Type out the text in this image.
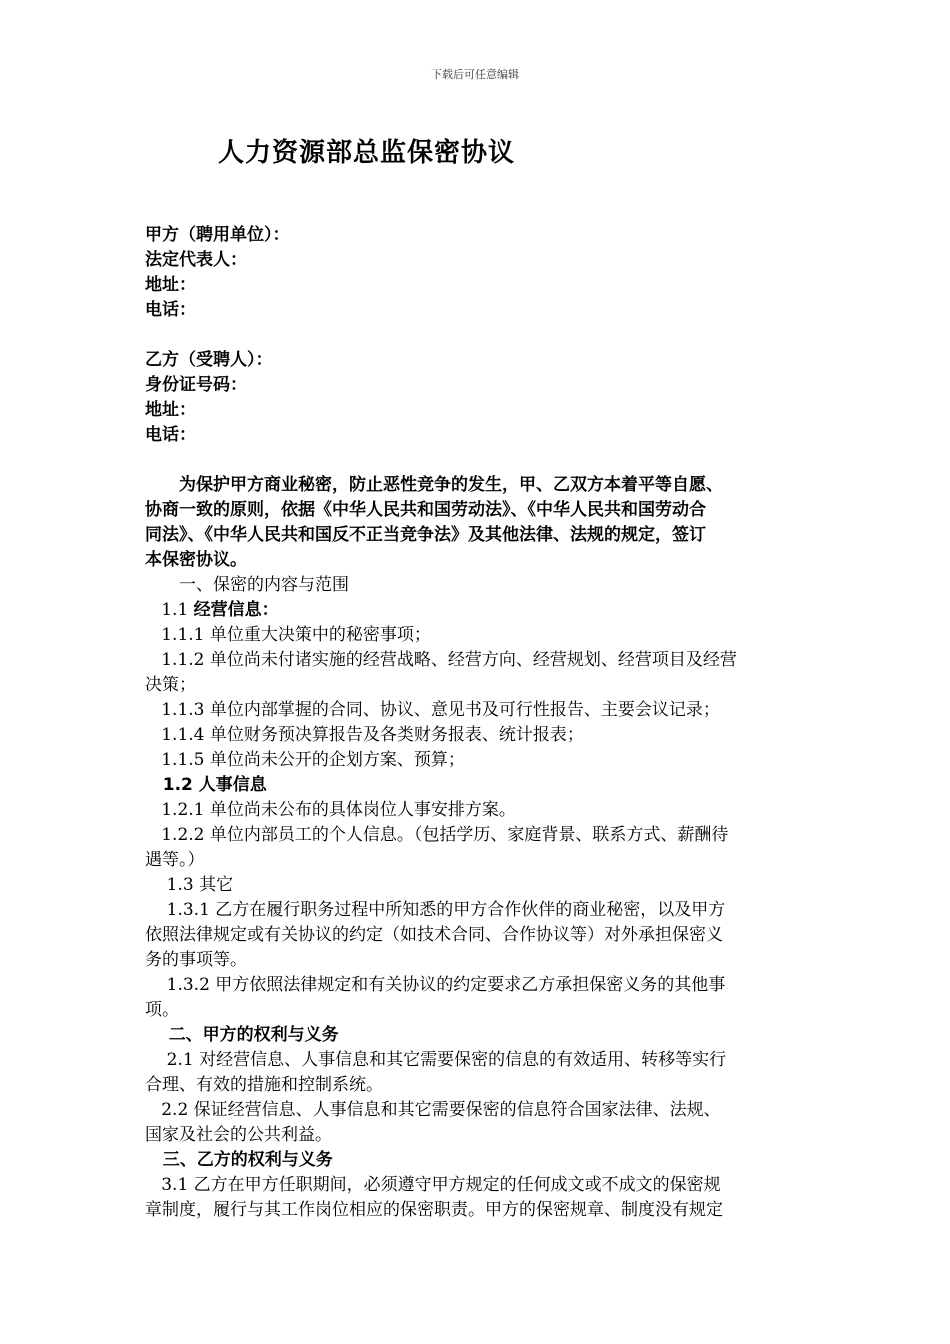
下载后可任意编辑
人力资源部总监保密协议
甲方（聘用单位）：
法定代表人：
地址：
电话：
乙方（受聘人）：
身份证号码：
地址：
电话：
　　为保护甲方商业秘密，防止恶性竞争的发生，甲、乙双方本着平等自愿、
协商一致的原则，依据《中华人民共和国劳动法》、《中华人民共和国劳动合
同法》、《中华人民共和国反不正当竞争法》及其他法律、法规的规定，签订
本保密协议。
　　一、保密的内容与范围
1.1 经营信息：
1.1.1 单位重大决策中的秘密事项；
1.1.2 单位尚未付诸实施的经营战略、经营方向、经营规划、经营项目及经营
决策；
1.1.3 单位内部掌握的合同、协议、意见书及可行性报告、主要会议记录；
1.1.4 单位财务预决算报告及各类财务报表、统计报表；
1.1.5 单位尚未公开的企划方案、预算；
1.2 人事信息
1.2.1 单位尚未公布的具体岗位人事安排方案。
1.2.2 单位内部员工的个人信息。（包括学历、家庭背景、联系方式、薪酬待
遇等。）
1.3 其它
1.3.1 乙方在履行职务过程中所知悉的甲方合作伙伴的商业秘密，以及甲方
依照法律规定或有关协议的约定（如技术合同、合作协议等）对外承担保密义
务的事项等。
1.3.2 甲方依照法律规定和有关协议的约定要求乙方承担保密义务的其他事
项。
二、甲方的权利与义务
2.1 对经营信息、人事信息和其它需要保密的信息的有效适用、转移等实行
合理、有效的措施和控制系统。
2.2 保证经营信息、人事信息和其它需要保密的信息符合国家法律、法规、
国家及社会的公共利益。
三、乙方的权利与义务
3.1 乙方在甲方任职期间，必须遵守甲方规定的任何成文或不成文的保密规
章制度，履行与其工作岗位相应的保密职责。甲方的保密规章、制度没有规定
